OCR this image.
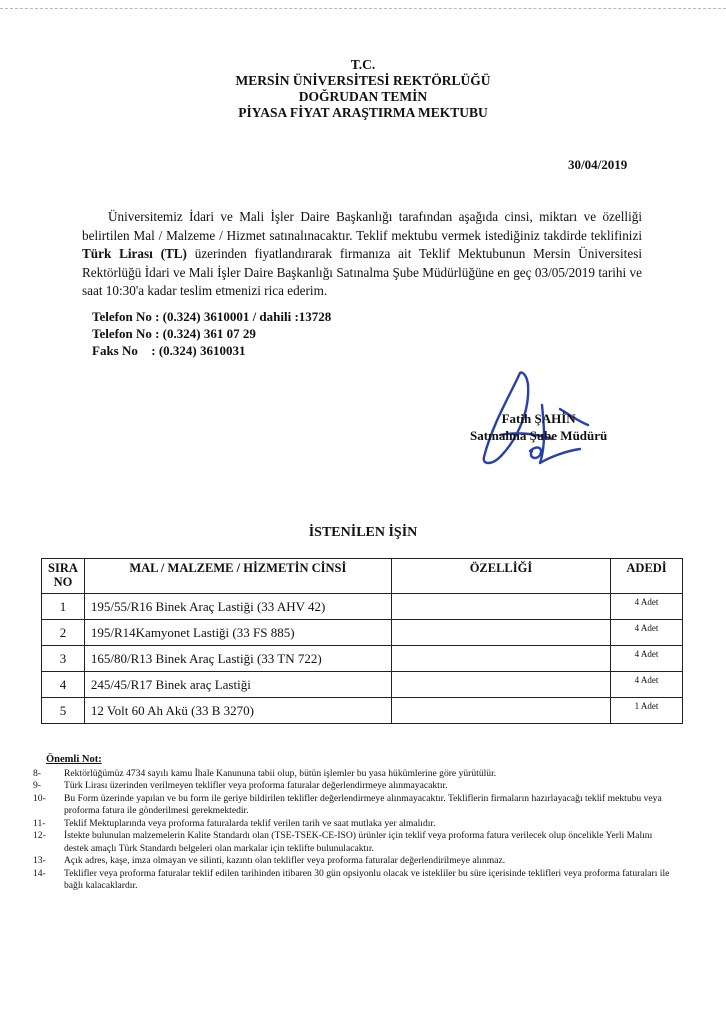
T.C.
MERSİN ÜNİVERSİTESİ REKTÖRLÜĞÜ
DOĞRUDAN TEMİN
PİYASA FİYAT ARAŞTIRMA MEKTUBU
30/04/2019
Üniversitemiz İdari ve Mali İşler Daire Başkanlığı tarafından aşağıda cinsi, miktarı ve özelliği belirtilen Mal / Malzeme / Hizmet satınalınacaktır. Teklif mektubu vermek istediğiniz takdirde teklifinizi Türk Lirası (TL) üzerinden fiyatlandırarak firmanıza ait Teklif Mektubunun Mersin Üniversitesi Rektörlüğü İdari ve Mali İşler Daire Başkanlığı Satınalma Şube Müdürlüğüne en geç 03/05/2019 tarihi ve saat 10:30'a kadar teslim etmenizi rica ederim.
Telefon No : (0.324) 3610001 / dahili :13728
Telefon No : (0.324) 361 07 29
Faks No : (0.324) 3610031
Fatih ŞAHİN
Satınalma Şube Müdürü
İSTENİLEN İŞİN
SIRA
NO	MAL / MALZEME / HİZMETİN CİNSİ	ÖZELLİĞİ	ADEDİ
1	195/55/R16 Binek Araç Lastiği (33 AHV 42)		4 Adet
2	195/R14Kamyonet Lastiği (33 FS 885)		4 Adet
3	165/80/R13 Binek Araç Lastiği (33 TN 722)		4 Adet
4	245/45/R17 Binek araç Lastiği		4 Adet
5	12 Volt 60 Ah Akü (33 B 3270)		1 Adet
Önemli Not:
8-	Rektörlüğümüz 4734 sayılı kamu İhale Kanununa tabii olup, bütün işlemler bu yasa hükümlerine göre yürütülür.
9-	Türk Lirası üzerinden verilmeyen teklifler veya proforma faturalar değerlendirmeye alınmayacaktır.
10-	Bu Form üzerinde yapılan ve bu form ile geriye bildirilen teklifler değerlendirmeye alınmayacaktır. Tekliflerin firmaların hazırlayacağı teklif mektubu veya proforma fatura ile gönderilmesi gerekmektedir.
11-	Teklif Mektuplarında veya proforma faturalarda teklif verilen tarih ve saat mutlaka yer almalıdır.
12-	İstekte bulunulan malzemelerin Kalite Standardı olan (TSE-TSEK-CE-ISO) ürünler için teklif veya proforma fatura verilecek olup öncelikle Yerli Malını destek amaçlı Türk Standardı belgeleri olan markalar için teklifte bulunulacaktır.
13-	Açık adres, kaşe, imza olmayan ve silinti, kazıntı olan teklifler veya proforma faturalar değerlendirilmeye alınmaz.
14-	Teklifler veya proforma faturalar teklif edilen tarihinden itibaren 30 gün opsiyonlu olacak ve istekliler bu süre içerisinde teklifleri veya proforma faturaları ile bağlı kalacaklardır.
